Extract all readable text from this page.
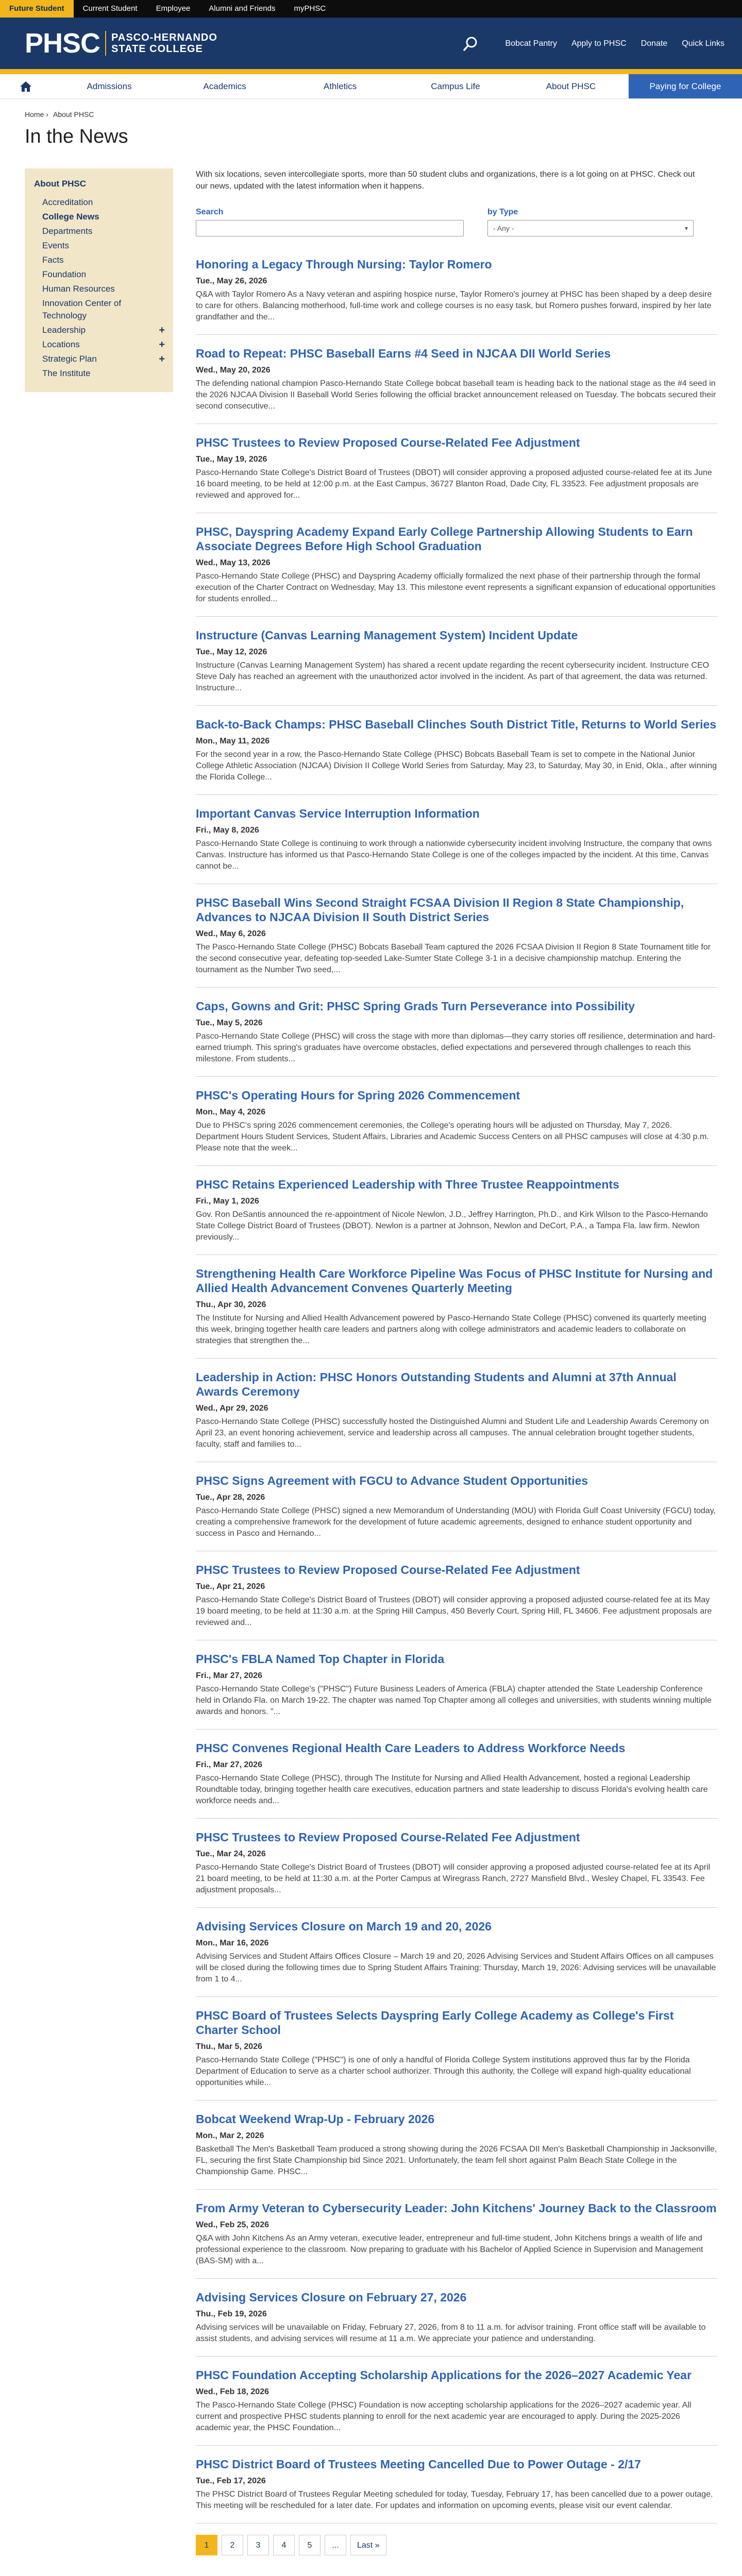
Future Student	Current Student	Employee	Alumni and Friends	myPHSC
PHSC PASCO-HERNANDO
STATE COLLEGE	Bobcat Pantry Apply to PHSC Donate Quick Links
Admissions	Academics	Athletics	Campus Life	About PHSC	Paying for College
Home › About PHSC
In the News
About PHSC
Accreditation
College News
Departments
Events
Facts
Foundation
Human Resources
Innovation Center of Technology
Leadership	+
Locations	+
Strategic Plan	+
The Institute

With six locations, seven intercollegiate sports, more than 50 student clubs and organizations, there is a lot going on at PHSC. Check out our news, updated with the latest information when it happens.

Search	by Type
- Any -	▾
Honoring a Legacy Through Nursing: Taylor Romero
Tue., May 26, 2026

Q&A with Taylor Romero As a Navy veteran and aspiring hospice nurse, Taylor Romero's journey at PHSC has been shaped by a deep desire to care for others. Balancing motherhood, full-time work and college courses is no easy task, but Romero pushes forward, inspired by her late grandfather and the...

Road to Repeat: PHSC Baseball Earns #4 Seed in NJCAA DII World Series
Wed., May 20, 2026

The defending national champion Pasco-Hernando State College bobcat baseball team is heading back to the national stage as the #4 seed in the 2026 NJCAA Division II Baseball World Series following the official bracket announcement released on Tuesday. The bobcats secured their second consecutive...

PHSC Trustees to Review Proposed Course-Related Fee Adjustment
Tue., May 19, 2026

Pasco-Hernando State College's District Board of Trustees (DBOT) will consider approving a proposed adjusted course-related fee at its June 16 board meeting, to be held at 12:00 p.m. at the East Campus, 36727 Blanton Road, Dade City, FL 33523. Fee adjustment proposals are reviewed and approved for...

PHSC, Dayspring Academy Expand Early College Partnership Allowing Students to Earn Associate Degrees Before High School Graduation
Wed., May 13, 2026

Pasco-Hernando State College (PHSC) and Dayspring Academy officially formalized the next phase of their partnership through the formal execution of the Charter Contract on Wednesday, May 13. This milestone event represents a significant expansion of educational opportunities for students enrolled...

Instructure (Canvas Learning Management System) Incident Update
Tue., May 12, 2026

Instructure (Canvas Learning Management System) has shared a recent update regarding the recent cybersecurity incident. Instructure CEO Steve Daly has reached an agreement with the unauthorized actor involved in the incident. As part of that agreement, the data was returned. Instructure...

Back-to-Back Champs: PHSC Baseball Clinches South District Title, Returns to World Series
Mon., May 11, 2026

For the second year in a row, the Pasco-Hernando State College (PHSC) Bobcats Baseball Team is set to compete in the National Junior College Athletic Association (NJCAA) Division II College World Series from Saturday, May 23, to Saturday, May 30, in Enid, Okla., after winning the Florida College...

Important Canvas Service Interruption Information
Fri., May 8, 2026

Pasco-Hernando State College is continuing to work through a nationwide cybersecurity incident involving Instructure, the company that owns Canvas. Instructure has informed us that Pasco-Hernando State College is one of the colleges impacted by the incident. At this time, Canvas cannot be...

PHSC Baseball Wins Second Straight FCSAA Division II Region 8 State Championship, Advances to NJCAA Division II South District Series
Wed., May 6, 2026

The Pasco-Hernando State College (PHSC) Bobcats Baseball Team captured the 2026 FCSAA Division II Region 8 State Tournament title for the second consecutive year, defeating top-seeded Lake-Sumter State College 3-1 in a decisive championship matchup. Entering the tournament as the Number Two seed,...

Caps, Gowns and Grit: PHSC Spring Grads Turn Perseverance into Possibility
Tue., May 5, 2026

Pasco-Hernando State College (PHSC) will cross the stage with more than diplomas—they carry stories off resilience, determination and hard-earned triumph. This spring's graduates have overcome obstacles, defied expectations and persevered through challenges to reach this milestone. From students...

PHSC's Operating Hours for Spring 2026 Commencement
Mon., May 4, 2026

Due to PHSC's spring 2026 commencement ceremonies, the College's operating hours will be adjusted on Thursday, May 7, 2026. Department Hours Student Services, Student Affairs, Libraries and Academic Success Centers on all PHSC campuses will close at 4:30 p.m. Please note that the week...

PHSC Retains Experienced Leadership with Three Trustee Reappointments
Fri., May 1, 2026

Gov. Ron DeSantis announced the re-appointment of Nicole Newlon, J.D., Jeffrey Harrington, Ph.D., and Kirk Wilson to the Pasco-Hernando State College District Board of Trustees (DBOT). Newlon is a partner at Johnson, Newlon and DeCort, P.A., a Tampa Fla. law firm. Newlon previously...

Strengthening Health Care Workforce Pipeline Was Focus of PHSC Institute for Nursing and Allied Health Advancement Convenes Quarterly Meeting
Thu., Apr 30, 2026

The Institute for Nursing and Allied Health Advancement powered by Pasco-Hernando State College (PHSC) convened its quarterly meeting this week, bringing together health care leaders and partners along with college administrators and academic leaders to collaborate on strategies that strengthen the...

Leadership in Action: PHSC Honors Outstanding Students and Alumni at 37th Annual Awards Ceremony
Wed., Apr 29, 2026

Pasco-Hernando State College (PHSC) successfully hosted the Distinguished Alumni and Student Life and Leadership Awards Ceremony on April 23, an event honoring achievement, service and leadership across all campuses. The annual celebration brought together students, faculty, staff and families to...

PHSC Signs Agreement with FGCU to Advance Student Opportunities
Tue., Apr 28, 2026

Pasco-Hernando State College (PHSC) signed a new Memorandum of Understanding (MOU) with Florida Gulf Coast University (FGCU) today, creating a comprehensive framework for the development of future academic agreements, designed to enhance student opportunity and success in Pasco and Hernando...

PHSC Trustees to Review Proposed Course-Related Fee Adjustment
Tue., Apr 21, 2026

Pasco-Hernando State College's District Board of Trustees (DBOT) will consider approving a proposed adjusted course-related fee at its May 19 board meeting, to be held at 11:30 a.m. at the Spring Hill Campus, 450 Beverly Court, Spring Hill, FL 34606. Fee adjustment proposals are reviewed and...

PHSC's FBLA Named Top Chapter in Florida
Fri., Mar 27, 2026

Pasco-Hernando State College's ("PHSC") Future Business Leaders of America (FBLA) chapter attended the State Leadership Conference held in Orlando Fla. on March 19-22. The chapter was named Top Chapter among all colleges and universities, with students winning multiple awards and honors. "...

PHSC Convenes Regional Health Care Leaders to Address Workforce Needs
Fri., Mar 27, 2026

Pasco-Hernando State College (PHSC), through The Institute for Nursing and Allied Health Advancement, hosted a regional Leadership Roundtable today, bringing together health care executives, education partners and state leadership to discuss Florida's evolving health care workforce needs and...

PHSC Trustees to Review Proposed Course-Related Fee Adjustment
Tue., Mar 24, 2026

Pasco-Hernando State College's District Board of Trustees (DBOT) will consider approving a proposed adjusted course-related fee at its April 21 board meeting, to be held at 11:30 a.m. at the Porter Campus at Wiregrass Ranch, 2727 Mansfield Blvd., Wesley Chapel, FL 33543. Fee adjustment proposals...

Advising Services Closure on March 19 and 20, 2026
Mon., Mar 16, 2026

Advising Services and Student Affairs Offices Closure – March 19 and 20, 2026 Advising Services and Student Affairs Offices on all campuses will be closed during the following times due to Spring Student Affairs Training: Thursday, March 19, 2026: Advising services will be unavailable from 1 to 4...

PHSC Board of Trustees Selects Dayspring Early College Academy as College's First Charter School
Thu., Mar 5, 2026

Pasco-Hernando State College ("PHSC") is one of only a handful of Florida College System institutions approved thus far by the Florida Department of Education to serve as a charter school authorizer. Through this authority, the College will expand high-quality educational opportunities while...

Bobcat Weekend Wrap-Up - February 2026
Mon., Mar 2, 2026

Basketball The Men's Basketball Team produced a strong showing during the 2026 FCSAA DII Men's Basketball Championship in Jacksonville, FL, securing the first State Championship bid Since 2021. Unfortunately, the team fell short against Palm Beach State College in the Championship Game. PHSC...

From Army Veteran to Cybersecurity Leader: John Kitchens' Journey Back to the Classroom
Wed., Feb 25, 2026

Q&A with John Kitchens As an Army veteran, executive leader, entrepreneur and full-time student, John Kitchens brings a wealth of life and professional experience to the classroom. Now preparing to graduate with his Bachelor of Applied Science in Supervision and Management (BAS-SM) with a...

Advising Services Closure on February 27, 2026
Thu., Feb 19, 2026

Advising services will be unavailable on Friday, February 27, 2026, from 8 to 11 a.m. for advisor training. Front office staff will be available to assist students, and advising services will resume at 11 a.m. We appreciate your patience and understanding.

PHSC Foundation Accepting Scholarship Applications for the 2026–2027 Academic Year
Wed., Feb 18, 2026

The Pasco-Hernando State College (PHSC) Foundation is now accepting scholarship applications for the 2026–2027 academic year. All current and prospective PHSC students planning to enroll for the next academic year are encouraged to apply. During the 2025-2026 academic year, the PHSC Foundation...

PHSC District Board of Trustees Meeting Cancelled Due to Power Outage - 2/17
Tue., Feb 17, 2026

The PHSC District Board of Trustees Regular Meeting scheduled for today, Tuesday, February 17, has been cancelled due to a power outage. This meeting will be rescheduled for a later date. For updates and information on upcoming events, please visit our event calendar.

1	2	3	4	5	...	Last »
